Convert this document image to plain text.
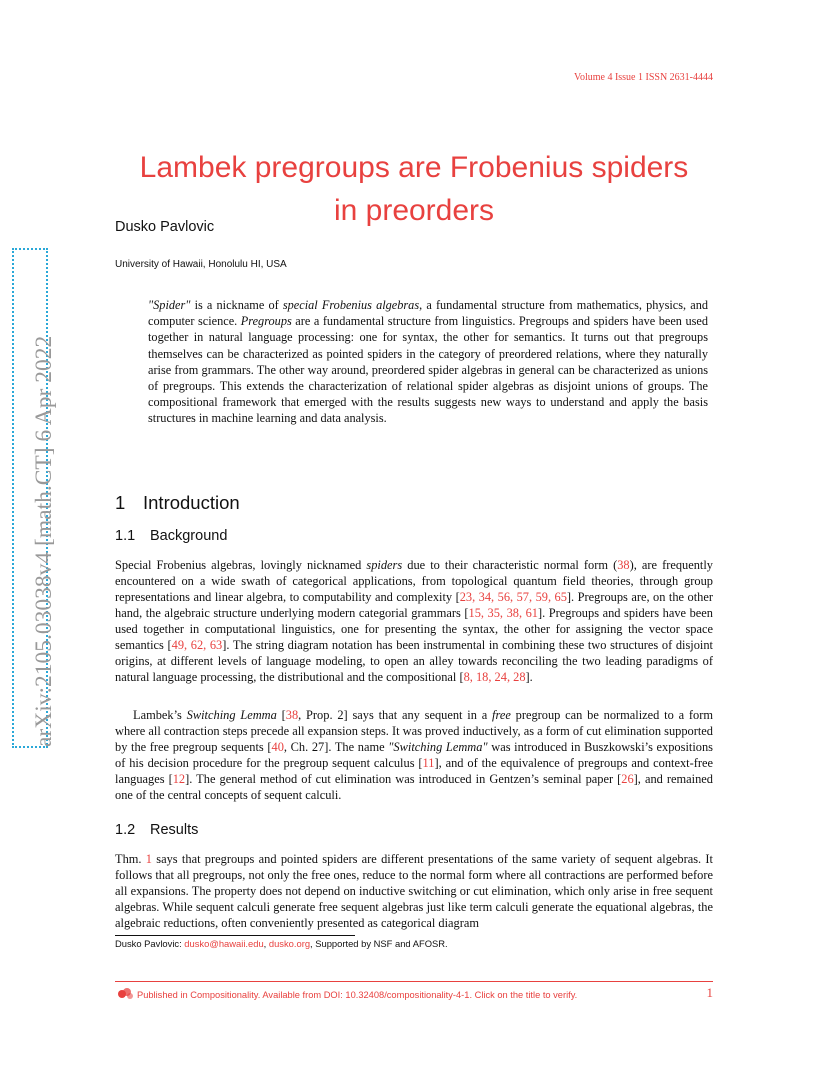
Volume 4 Issue 1 ISSN 2631-4444
Lambek pregroups are Frobenius spiders
in preorders
Dusko Pavlovic
University of Hawaii, Honolulu HI, USA
arXiv:2105.03038v4 [math.CT] 6 Apr 2022
"Spider" is a nickname of special Frobenius algebras, a fundamental structure from mathematics, physics, and computer science. Pregroups are a fundamental structure from linguistics. Pregroups and spiders have been used together in natural language processing: one for syntax, the other for semantics. It turns out that pregroups themselves can be characterized as pointed spiders in the category of preordered relations, where they naturally arise from grammars. The other way around, preordered spider algebras in general can be characterized as unions of pregroups. This extends the characterization of relational spider algebras as disjoint unions of groups. The compositional framework that emerged with the results suggests new ways to understand and apply the basis structures in machine learning and data analysis.
1 Introduction
1.1 Background
Special Frobenius algebras, lovingly nicknamed spiders due to their characteristic normal form (38), are frequently encountered on a wide swath of categorical applications, from topological quantum field theories, through group representations and linear algebra, to computability and complexity [23, 34, 56, 57, 59, 65]. Pregroups are, on the other hand, the algebraic structure underlying modern categorial grammars [15, 35, 38, 61]. Pregroups and spiders have been used together in computational linguistics, one for presenting the syntax, the other for assigning the vector space semantics [49, 62, 63]. The string diagram notation has been instrumental in combining these two structures of disjoint origins, at different levels of language modeling, to open an alley towards reconciling the two leading paradigms of natural language processing, the distributional and the compositional [8, 18, 24, 28].
Lambek’s Switching Lemma [38, Prop. 2] says that any sequent in a free pregroup can be normalized to a form where all contraction steps precede all expansion steps. It was proved inductively, as a form of cut elimination supported by the free pregroup sequents [40, Ch. 27]. The name "Switching Lemma" was introduced in Buszkowski’s expositions of his decision procedure for the pregroup sequent calculus [11], and of the equivalence of pregroups and context-free languages [12]. The general method of cut elimination was introduced in Gentzen’s seminal paper [26], and remained one of the central concepts of sequent calculi.
1.2 Results
Thm. 1 says that pregroups and pointed spiders are different presentations of the same variety of sequent algebras. It follows that all pregroups, not only the free ones, reduce to the normal form where all contractions are performed before all expansions. The property does not depend on inductive switching or cut elimination, which only arise in free sequent algebras. While sequent calculi generate free sequent algebras just like term calculi generate the equational algebras, the algebraic reductions, often conveniently presented as categorical diagram
Dusko Pavlovic: dusko@hawaii.edu, dusko.org, Supported by NSF and AFOSR.
Published in Compositionality. Available from DOI: 10.32408/compositionality-4-1. Click on the title to verify.	1
